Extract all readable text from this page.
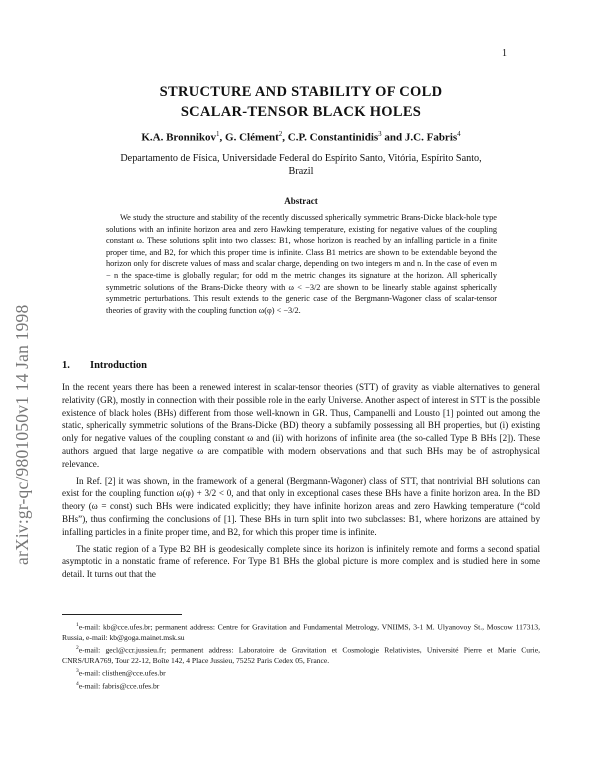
1
arXiv:gr-qc/9801050v1 14 Jan 1998
STRUCTURE AND STABILITY OF COLD
SCALAR-TENSOR BLACK HOLES
K.A. Bronnikov$^1$, G. Clément$^2$, C.P. Constantinidis$^3$ and J.C. Fabris$^4$
Departamento de Física, Universidade Federal do Espírito Santo, Vitória, Espírito Santo,
Brazil
Abstract

We study the structure and stability of the recently discussed spherically symmetric Brans-Dicke black-hole type solutions with an infinite horizon area and zero Hawking temperature, existing for negative values of the coupling constant ω. These solutions split into two classes: B1, whose horizon is reached by an infalling particle in a finite proper time, and B2, for which this proper time is infinite. Class B1 metrics are shown to be extendable beyond the horizon only for discrete values of mass and scalar charge, depending on two integers m and n. In the case of even m − n the space-time is globally regular; for odd m the metric changes its signature at the horizon. All spherically symmetric solutions of the Brans-Dicke theory with ω < −3/2 are shown to be linearly stable against spherically symmetric perturbations. This result extends to the generic case of the Bergmann-Wagoner class of scalar-tensor theories of gravity with the coupling function ω(φ) < −3/2.

1. Introduction

In the recent years there has been a renewed interest in scalar-tensor theories (STT) of gravity as viable alternatives to general relativity (GR), mostly in connection with their possible role in the early Universe. Another aspect of interest in STT is the possible existence of black holes (BHs) different from those well-known in GR. Thus, Campanelli and Lousto [1] pointed out among the static, spherically symmetric solutions of the Brans-Dicke (BD) theory a subfamily possessing all BH properties, but (i) existing only for negative values of the coupling constant ω and (ii) with horizons of infinite area (the so-called Type B BHs [2]). These authors argued that large negative ω are compatible with modern observations and that such BHs may be of astrophysical relevance.

In Ref. [2] it was shown, in the framework of a general (Bergmann-Wagoner) class of STT, that nontrivial BH solutions can exist for the coupling function ω(φ) + 3/2 < 0, and that only in exceptional cases these BHs have a finite horizon area. In the BD theory (ω = const) such BHs were indicated explicitly; they have infinite horizon areas and zero Hawking temperature (“cold BHs”), thus confirming the conclusions of [1]. These BHs in turn split into two subclasses: B1, where horizons are attained by infalling particles in a finite proper time, and B2, for which this proper time is infinite.

The static region of a Type B2 BH is geodesically complete since its horizon is infinitely remote and forms a second spatial asymptotic in a nonstatic frame of reference. For Type B1 BHs the global picture is more complex and is studied here in some detail. It turns out that the

$^1$e-mail: kb@cce.ufes.br; permanent address: Centre for Gravitation and Fundamental Metrology, VNIIMS, 3-1 M. Ulyanovoy St., Moscow 117313, Russia, e-mail: kb@goga.mainet.msk.su

$^2$e-mail: gecl@ccr.jussieu.fr; permanent address: Laboratoire de Gravitation et Cosmologie Relativistes, Université Pierre et Marie Curie, CNRS/URA769, Tour 22-12, Boîte 142, 4 Place Jussieu, 75252 Paris Cedex 05, France.

$^3$e-mail: clisthen@cce.ufes.br

$^4$e-mail: fabris@cce.ufes.br
